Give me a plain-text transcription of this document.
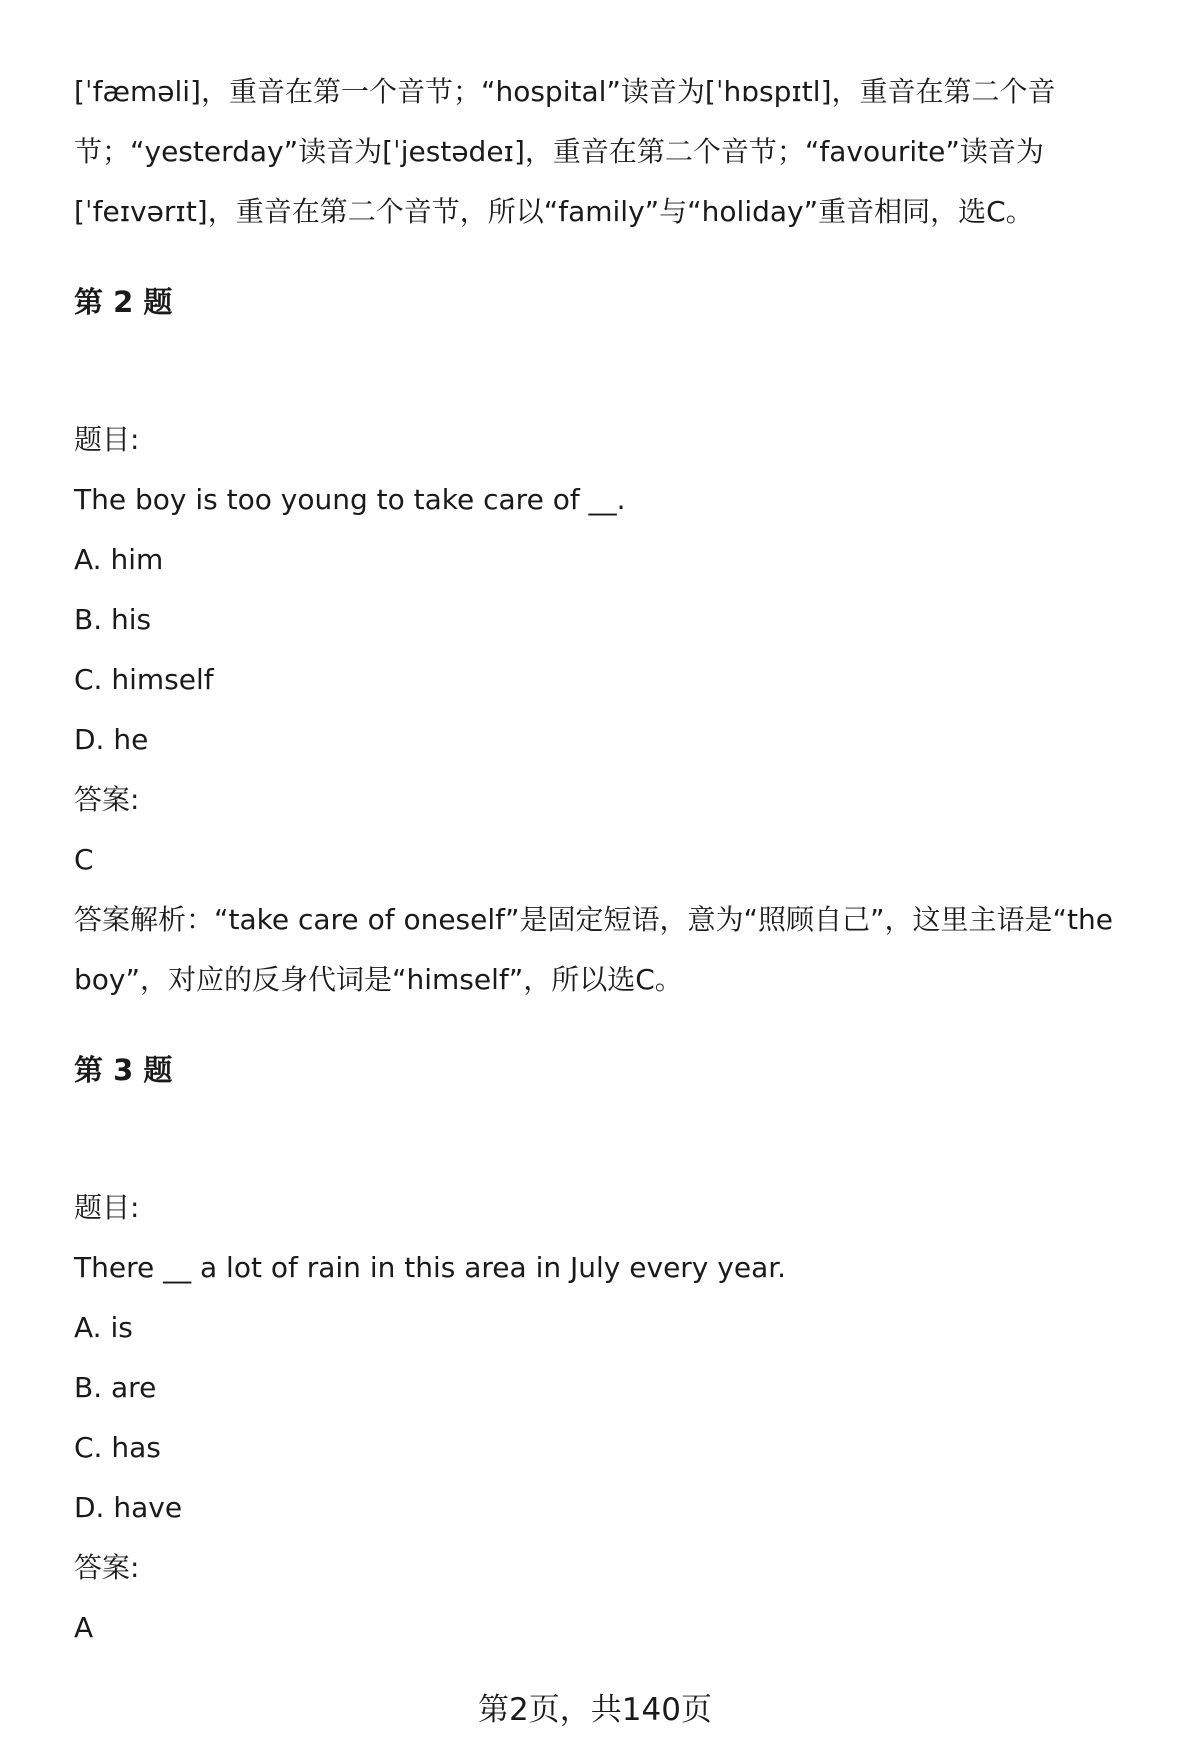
[ˈfæməli]，重音在第一个音节；“hospital”读音为[ˈhɒspɪtl]，重音在第二个音

节；“yesterday”读音为[ˈjestədeɪ]，重音在第二个音节；“favourite”读音为

[ˈfeɪvərɪt]，重音在第二个音节，所以“family”与“holiday”重音相同，选C。

第 2 题

题目:

The boy is too young to take care of __.

A. him

B. his

C. himself

D. he

答案:

C

答案解析：“take care of oneself”是固定短语，意为“照顾自己”，这里主语是“the

boy”，对应的反身代词是“himself”，所以选C。

第 3 题

题目:

There __ a lot of rain in this area in July every year.

A. is

B. are

C. has

D. have

答案:

A

第2页，共140页
